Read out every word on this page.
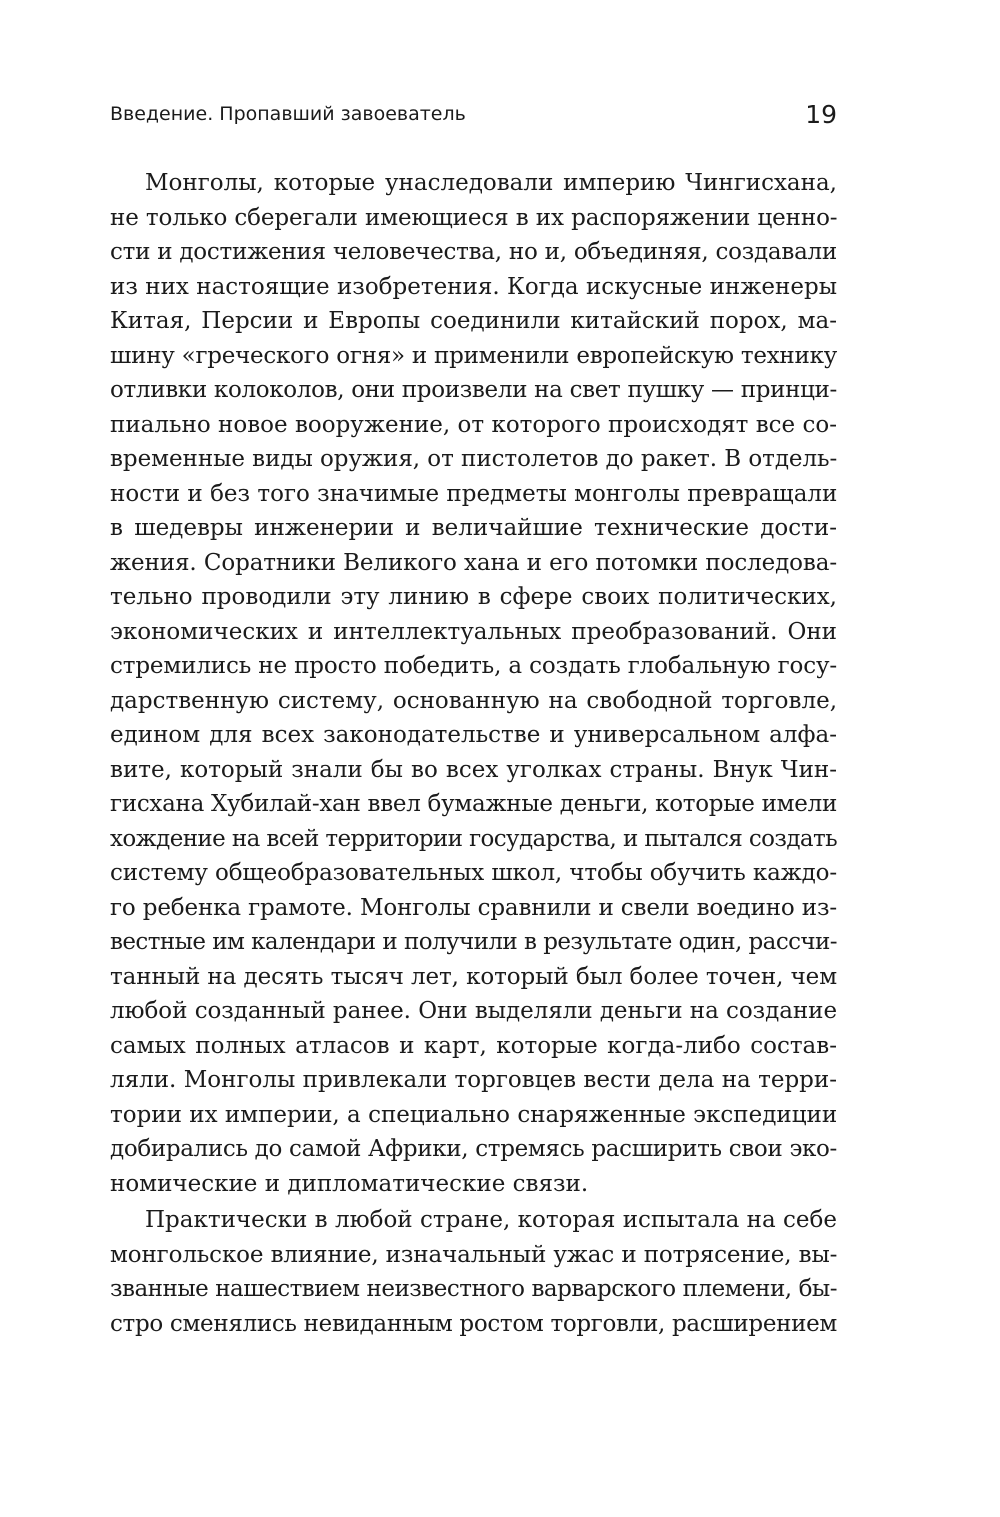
Введение. Пропавший завоеватель	19

Монголы, которые унаследовали империю Чингисхана,
не только сберегали имеющиеся в их распоряжении ценно-
сти и достижения человечества, но и, объединяя, создавали
из них настоящие изобретения. Когда искусные инженеры
Китая, Персии и Европы соединили китайский порох, ма-
шину «греческого огня» и применили европейскую технику
отливки колоколов, они произвели на свет пушку — принци-
пиально новое вооружение, от которого происходят все со-
временные виды оружия, от пистолетов до ракет. В отдель-
ности и без того значимые предметы монголы превращали
в шедевры инженерии и величайшие технические дости-
жения. Соратники Великого хана и его потомки последова-
тельно проводили эту линию в сфере своих политических,
экономических и интеллектуальных преобразований. Они
стремились не просто победить, а создать глобальную госу-
дарственную систему, основанную на свободной торговле,
едином для всех законодательстве и универсальном алфа-
вите, который знали бы во всех уголках страны. Внук Чин-
гисхана Хубилай-хан ввел бумажные деньги, которые имели
хождение на всей территории государства, и пытался создать
систему общеобразовательных школ, чтобы обучить каждо-
го ребенка грамоте. Монголы сравнили и свели воедино из-
вестные им календари и получили в результате один, рассчи-
танный на десять тысяч лет, который был более точен, чем
любой созданный ранее. Они выделяли деньги на создание
самых полных атласов и карт, которые когда-либо состав-
ляли. Монголы привлекали торговцев вести дела на терри-
тории их империи, а специально снаряженные экспедиции
добирались до самой Африки, стремясь расширить свои эко-
номические и дипломатические связи.

Практически в любой стране, которая испытала на себе
монгольское влияние, изначальный ужас и потрясение, вы-
званные нашествием неизвестного варварского племени, бы-
стро сменялись невиданным ростом торговли, расширением
